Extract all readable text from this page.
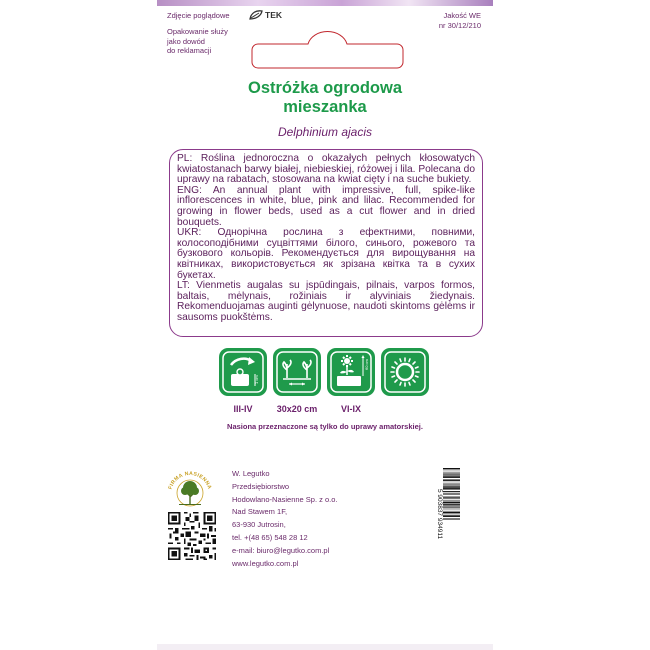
Zdjęcie poglądowe	TEK	Jakość WE
nr 30/12/210
Opakowanie służy
jako dowód
do reklamacji
Ostróżka ogrodowa
mieszanka
Delphinium ajacis

PL: Roślina jednoroczna o okazałych pełnych kłosowatych kwiatostanach barwy białej, niebieskiej, różowej i lila. Polecana do uprawy na rabatach, stosowana na kwiat cięty i na suche bukiety.

ENG: An annual plant with impressive, full, spike-like inflorescences in white, blue, pink and lilac. Recommended for growing in flower beds, used as a cut flower and in dried bouquets.

UKR: Однорічна рослина з ефектними, повними, колосоподібними суцвіттями білого, синього, рожевого та бузкового кольорів. Рекомендується для вирощування на квітниках, використовується як зрізана квітка та в сухих букетах.

LT: Vienmetis augalas su įspūdingais, pilnais, varpos formos, baltais, mėlynais, rožiniais ir alyviniais žiedynais. Rekomenduojamas auginti gėlynuose, naudoti skintoms gėlėms ir sausoms puokštėms.

1 cm
60 cm
III-IV	30x20 cm	VI-IX
Nasiona przeznaczone są tylko do uprawy amatorskiej.
FIRMA NASIENNA
W. Legutko
Przedsiębiorstwo
Hodowlano-Nasienne Sp. z o.o.
Nad Stawem 1F,
63-930 Jutrosin,
tel. +(48 65) 548 28 12
e-mail: biuro@legutko.com.pl
www.legutko.com.pl
5 903837 934911
